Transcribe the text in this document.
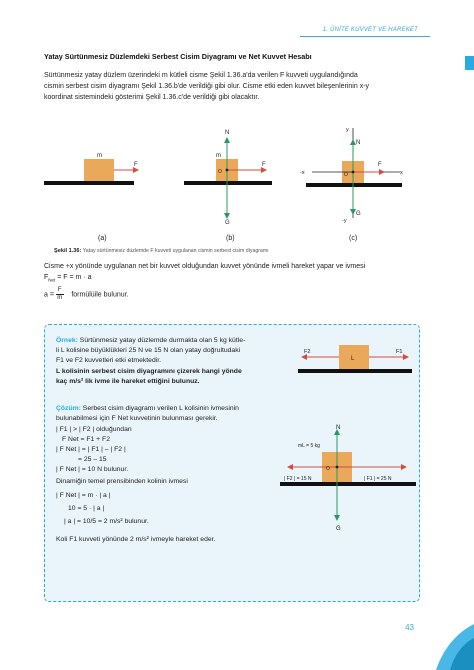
1. ÜNİTE KUVVET VE HAREKET
Yatay Sürtünmesiz Düzlemdeki Serbest Cisim Diyagramı ve Net Kuvvet Hesabı

Sürtünmesiz yatay düzlem üzerindeki m kütleli cisme Şekil 1.36.a'da verilen F kuvveti uygulandığında

cismin serbest cisim diyagramı Şekil 1.36.b'de verildiği gibi olur. Cisme etki eden kuvvet bileşenlerinin x-y

koordinat sistemindeki gösterimi Şekil 1.36.c'de verildiği gibi olacaktır.

m
F
(a)
m
O
N
G
F
(b)
y
N
G
-y
x
-x	O
F
(c)
Şekil 1.36: Yatay sürtünmesiz düzlemde F kuvveti uygulanan cismin serbest cisim diyagramı
Cisme +x yönünde uygulanan net bir kuvvet olduğundan kuvvet yönünde ivmeli hareket yapar ve ivmesi
$F_{Net} = F = m \cdot a$
$a = \frac{F}{m}$ formülüile bulunur.
Örnek: Sürtünmesiz yatay düzlemde durmakta olan 5 kg kütle-
li L kolisine büyüklükleri 25 N ve 15 N olan yatay doğrultudaki
F1 ve F2 kuvvetleri etki etmektedir.
L kolisinin serbest cisim diyagramını çizerek hangi yönde
kaç m/s² lik ivme ile hareket ettiğini bulunuz.
L
F2	F1
Çözüm: Serbest cisim diyagramı verilen L kolisinin ivmesinin
bulunabilmesi için F Net kuvvetinin bulunması gerekir.
| F1 | > | F2 | olduğundan
F Net = F1 + F2
| F Net | = | F1 | – | F2 |
= 25 – 15
| F Net | = 10 N bulunur.
Dinamiğin temel prensibinden kolinin ivmesi
| F Net | = m · | a |
10 = 5 · | a |
| a | = 10/5 = 2 m/s² bulunur.
Koli F1 kuvveti yönünde 2 m/s² ivmeyle hareket eder.
O
mL = 5 kg
N
G
| F2 | = 15 N	| F1 | = 25 N
43
